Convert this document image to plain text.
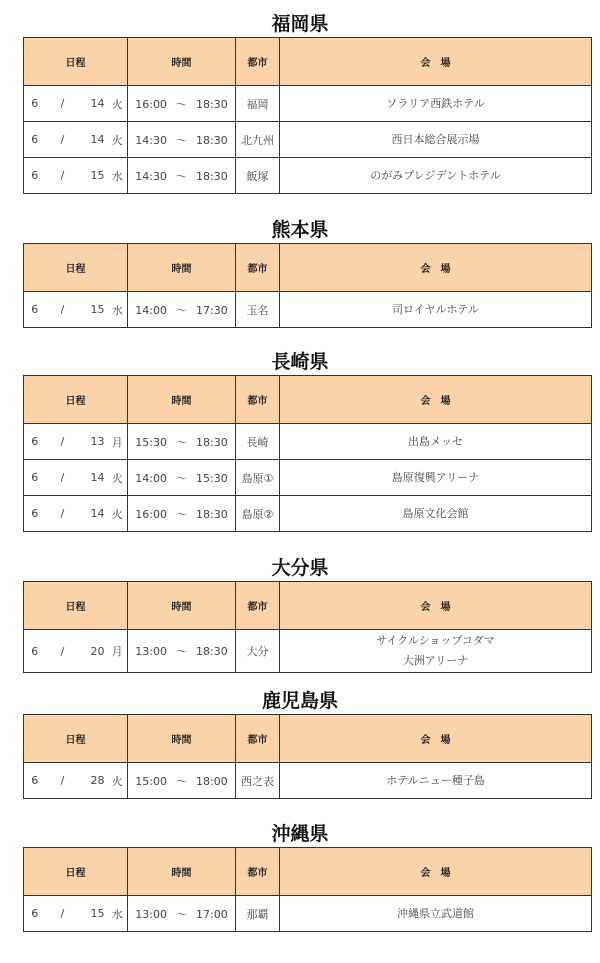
福岡県
日程				時間	都市	会　場
6	/	14	火	16:00 ～ 18:30	福岡	ソラリア西鉄ホテル

6	/	14	火	14:30 ～ 18:30	北九州	西日本総合展示場

6	/	15	水	14:30 ～ 18:30	飯塚	のがみプレジデントホテル
熊本県
日程				時間	都市	会　場
6	/	15	水	14:00 ～ 17:30	玉名	司ロイヤルホテル
長崎県
日程				時間	都市	会　場
6	/	13	月	15:30 ～ 18:30	長崎	出島メッセ

6	/	14	火	14:00 ～ 15:30	島原①	島原復興アリーナ

6	/	14	火	16:00 ～ 18:30	島原②	島原文化会館
大分県
日程				時間	都市	会　場
6	/	20	月	13:00 ～ 18:30	大分	サイクルショップコダマ
大洲アリーナ
鹿児島県
日程				時間	都市	会　場
6	/	28	火	15:00 ～ 18:00	西之表	ホテルニュー種子島
沖縄県
日程				時間	都市	会　場
6	/	15	水	13:00 ～ 17:00	那覇	沖縄県立武道館
